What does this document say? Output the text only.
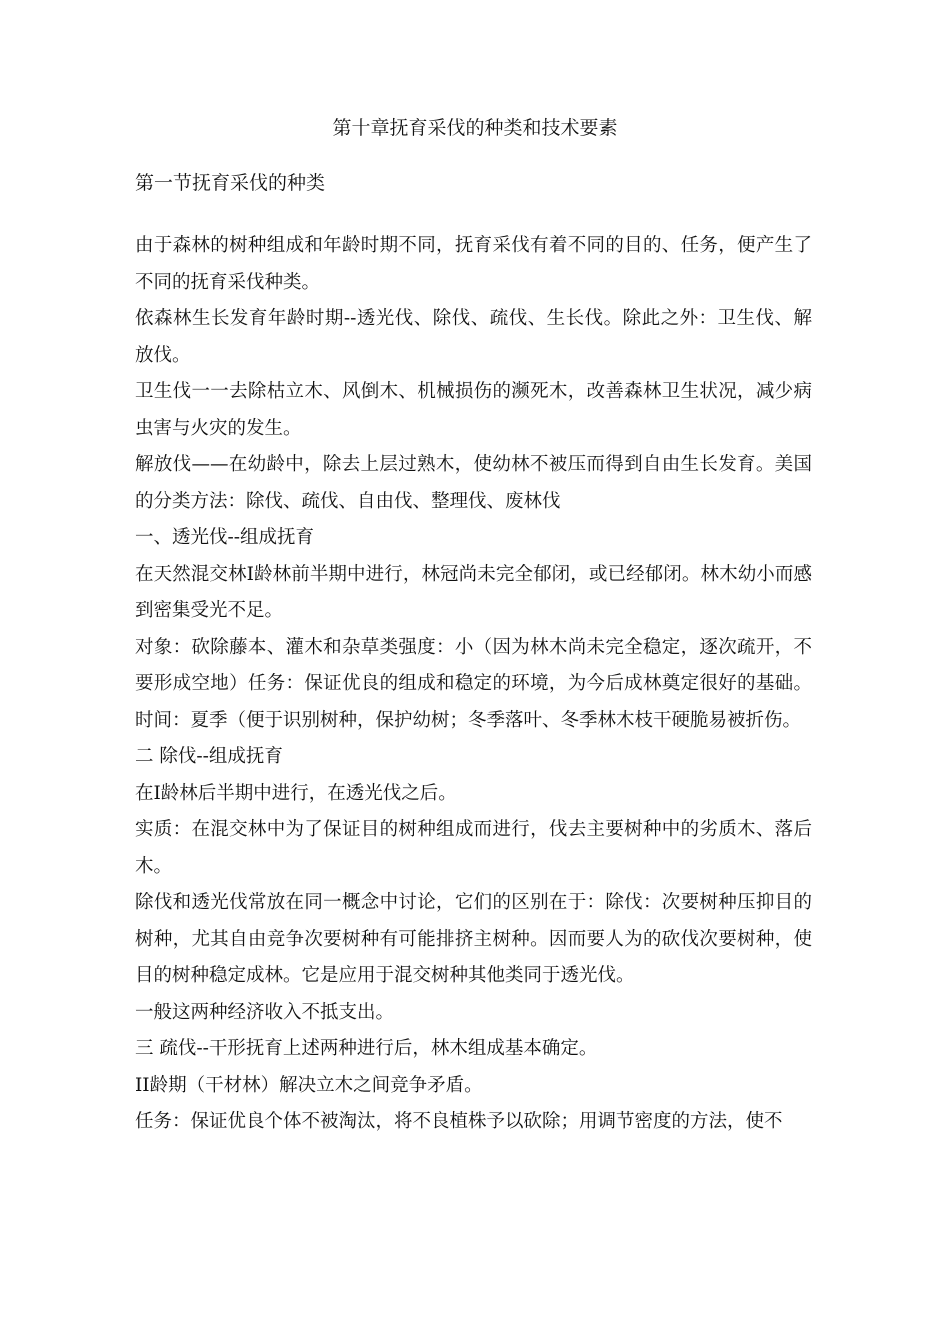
第十章抚育采伐的种类和技术要素
第一节抚育采伐的种类

由于森林的树种组成和年龄时期不同，抚育采伐有着不同的目的、任务，便产生了不同的抚育采伐种类。

依森林生长发育年龄时期--透光伐、除伐、疏伐、生长伐。除此之外：卫生伐、解放伐。

卫生伐一一去除枯立木、风倒木、机械损伤的濒死木，改善森林卫生状况，减少病虫害与火灾的发生。

解放伐——在幼龄中，除去上层过熟木，使幼林不被压而得到自由生长发育。美国的分类方法：除伐、疏伐、自由伐、整理伐、废林伐

一、透光伐--组成抚育

在天然混交林Ⅰ龄林前半期中进行，林冠尚未完全郁闭，或已经郁闭。林木幼小而感到密集受光不足。

对象：砍除藤本、灌木和杂草类强度：小（因为林木尚未完全稳定，逐次疏开，不要形成空地）任务：保证优良的组成和稳定的环境，为今后成林奠定很好的基础。时间：夏季（便于识别树种，保护幼树；冬季落叶、冬季林木枝干硬脆易被折伤。

二 除伐--组成抚育

在Ⅰ龄林后半期中进行，在透光伐之后。

实质：在混交林中为了保证目的树种组成而进行，伐去主要树种中的劣质木、落后木。

除伐和透光伐常放在同一概念中讨论，它们的区别在于：除伐：次要树种压抑目的树种，尤其自由竞争次要树种有可能排挤主树种。因而要人为的砍伐次要树种，使目的树种稳定成林。它是应用于混交树种其他类同于透光伐。

一般这两种经济收入不抵支出。

三 疏伐--干形抚育上述两种进行后，林木组成基本确定。

II龄期（干材林）解决立木之间竞争矛盾。

任务：保证优良个体不被淘汰，将不良植株予以砍除；用调节密度的方法，使不
